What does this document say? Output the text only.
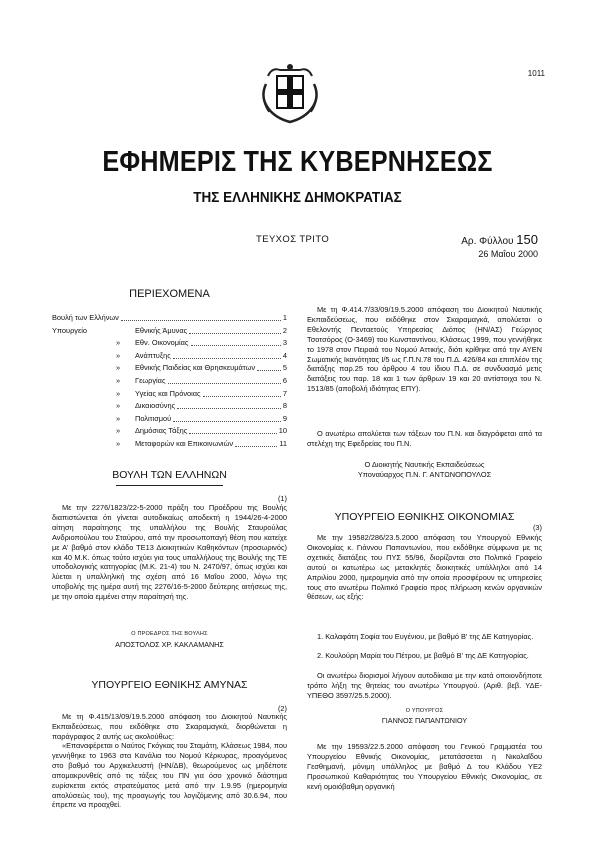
1011
ΕΦΗΜΕΡΙΣ ΤΗΣ ΚΥΒΕΡΝΗΣΕΩΣ
ΤΗΣ ΕΛΛΗΝΙΚΗΣ ΔΗΜΟΚΡΑΤΙΑΣ
ΤΕΥΧΟΣ ΤΡΙΤΟ	Αρ. Φύλλου 150
26 Μαΐου 2000
ΠΕΡΙΕΧΟΜΕΝΑ
Βουλή των Ελλήνων	1
Υπουργείο	Εθνικής Άμυνας	2
»	Εθν. Οικονομίας	3
»	Ανάπτυξης	4
»	Εθνικής Παιδείας και Θρησκευμάτων	5
»	Γεωργίας	6
»	Υγείας και Πρόνοιας	7
»	Δικαιοσύνης	8
»	Πολιτισμού	9
»	Δημόσιας Τάξης	10
»	Μεταφορών και Επικοινωνιών	11
ΒΟΥΛΗ ΤΩΝ ΕΛΛΗΝΩΝ
(1)
Με την 2276/1823/22-5-2000 πράξη του Προέδρου της Βουλής διαπιστώνεται ότι γίνεται αυτοδικαίως αποδεκτή η 1944/26-4-2000 αίτηση παραίτησης της υπαλλήλου της Βουλής Σταυρούλας Ανδριοπούλου του Σταύρου, από την προσωποπαγή θέση που κατείχε με Α' βαθμό στον κλάδο ΤΕ13 Διοικητικών Καθηκόντων (προσωρινός) και 40 Μ.Κ. όπως τούτο ισχύει για τους υπαλλήλους της Βουλής της ΤΕ υποδολογικής κατηγορίας (Μ.Κ. 21-4) του Ν. 2470/97, όπως ισχύει και λύεται η υπαλληλική της σχέση από 16 Μαΐου 2000, λόγω της υποβολής της ημέρα αυτή της 2276/16-5-2000 δεύτερης αιτήσεως της, με την οποία εμμένει στην παραίτησή της.
Ο ΠΡΟΕΔΡΟΣ ΤΗΣ ΒΟΥΛΗΣ
ΑΠΟΣΤΟΛΟΣ ΧΡ. ΚΑΚΛΑΜΑΝΗΣ
ΥΠΟΥΡΓΕΙΟ ΕΘΝΙΚΗΣ ΑΜΥΝΑΣ
(2)
Με τη Φ.415/13/09/19.5.2000 απόφαση του Διοικητού Ναυτικής Εκπαιδεύσεως, που εκδόθηκε στο Σκαραμαγκά, διορθώνεται η παράγραφος 2 αυτής ως ακολούθως:
«Επαναφέρεται ο Ναύτος Γκόγκας του Σταμάτη, Κλάσεως 1984, που γεννήθηκε το 1963 στα Κανάλια του Νομού Κέρκυρας, προαγόμενος στο βαθμό του Αρχικελευστή (ΗΝ/ΔΒ), θεωρούμενος ως μηδέποτε απομακρυνθείς από τις τάξεις του ΠΝ για όσο χρονικό διάστημα ευρίσκεται εκτός στρατεύματος μετά από την 1.9.95 (ημερομηνία απολύσεώς του), της προαγωγής του λογιζόμενης από 30.6.94, που έπρεπε να προαχθεί.
Με τη Φ.414.7/33/09/19.5.2000 απόφαση του Διοικητού Ναυτικής Εκπαιδεύσεως, που εκδόθηκε στον Σκαραμαγκά, απολύεται ο Εθελοντής Πενταετούς Υπηρεσίας Διόπος (ΗΝ/ΑΣ) Γεώργιος Τσοτσόρος (Ο-3469) του Κωνσταντίνου, Κλάσεως 1999, που γεννήθηκε το 1978 στον Πειραιά του Νομού Αττικής, διότι κρίθηκε από την ΑΥΕΝ Σωματικής Ικανότητας Ι/5 ως Γ.Π.Ν.78 του Π.Δ. 426/84 και επιπλέον της διατάξης παρ.25 του άρθρου 4 του ίδιου Π.Δ. σε συνδυασμό μετις διατάξεις του παρ. 18 και 1 των άρθρων 19 και 20 αντίστοιχα του Ν. 1513/85 (αποβολή ιδιότητας ΕΠΥ).
Ο ανωτέρω απολύεται των τάξεων του Π.Ν. και διαγράφεται από τα στελέχη της Εφεδρείας του Π.Ν.
Ο Διοικητής Ναυτικής Εκπαιδεύσεως
Υποναύαρχος Π.Ν. Γ. ΑΝΤΩΝΟΠΟΥΛΟΣ
ΥΠΟΥΡΓΕΙΟ ΕΘΝΙΚΗΣ ΟΙΚΟΝΟΜΙΑΣ
(3)
Με την 19582/286/23.5.2000 απόφαση του Υπουργού Εθνικής Οικονομίας κ. Γιάννου Παπαντωνίου, που εκδόθηκε σύμφωνα με τις σχετικές διατάξεις του ΠΥΣ 55/96, διορίζονται στο Πολιτικό Γραφείο αυτού οι κατωτέρω ως μετακλητές διοικητικές υπάλληλοι από 14 Απριλίου 2000, ημερομηνία από την οποία προσφέρουν τις υπηρεσίες τους στο ανωτέρω Πολιτικό Γραφείο προς πλήρωση κενών οργανικών θέσεων, ως εξής:
1. Καλαφάτη Σοφία του Ευγένιου, με βαθμό Β' της ΔΕ Κατηγορίας.
2. Κουλούρη Μαρία του Πέτρου, με βαθμό Β' της ΔΕ Κατηγορίας.
Οι ανωτέρω διορισμοί λήγουν αυτοδίκαια με την κατά οποιονδήποτε τρόπο λήξη της θητείας του ανωτέρω Υπουργού. (Αριθ. βεβ. ΥΔΕ-ΥΠΕΘΟ 3597/25.5.2000).
Ο ΥΠΟΥΡΓΟΣ
ΓΙΑΝΝΟΣ ΠΑΠΑΝΤΩΝΙΟΥ
Με την 19593/22.5.2000 απόφαση του Γενικού Γραμματέα του Υπουργείου Εθνικής Οικονομίας, μετατάσσεται η Νικολαΐδου Γεσθημανή, μόνιμη υπάλληλος με βαθμό Δ του Κλάδου ΥΕ2 Προσωπικού Καθαριότητας του Υπουργείου Εθνικής Οικονομίας, σε κενή ομοιόβαθμη οργανική
